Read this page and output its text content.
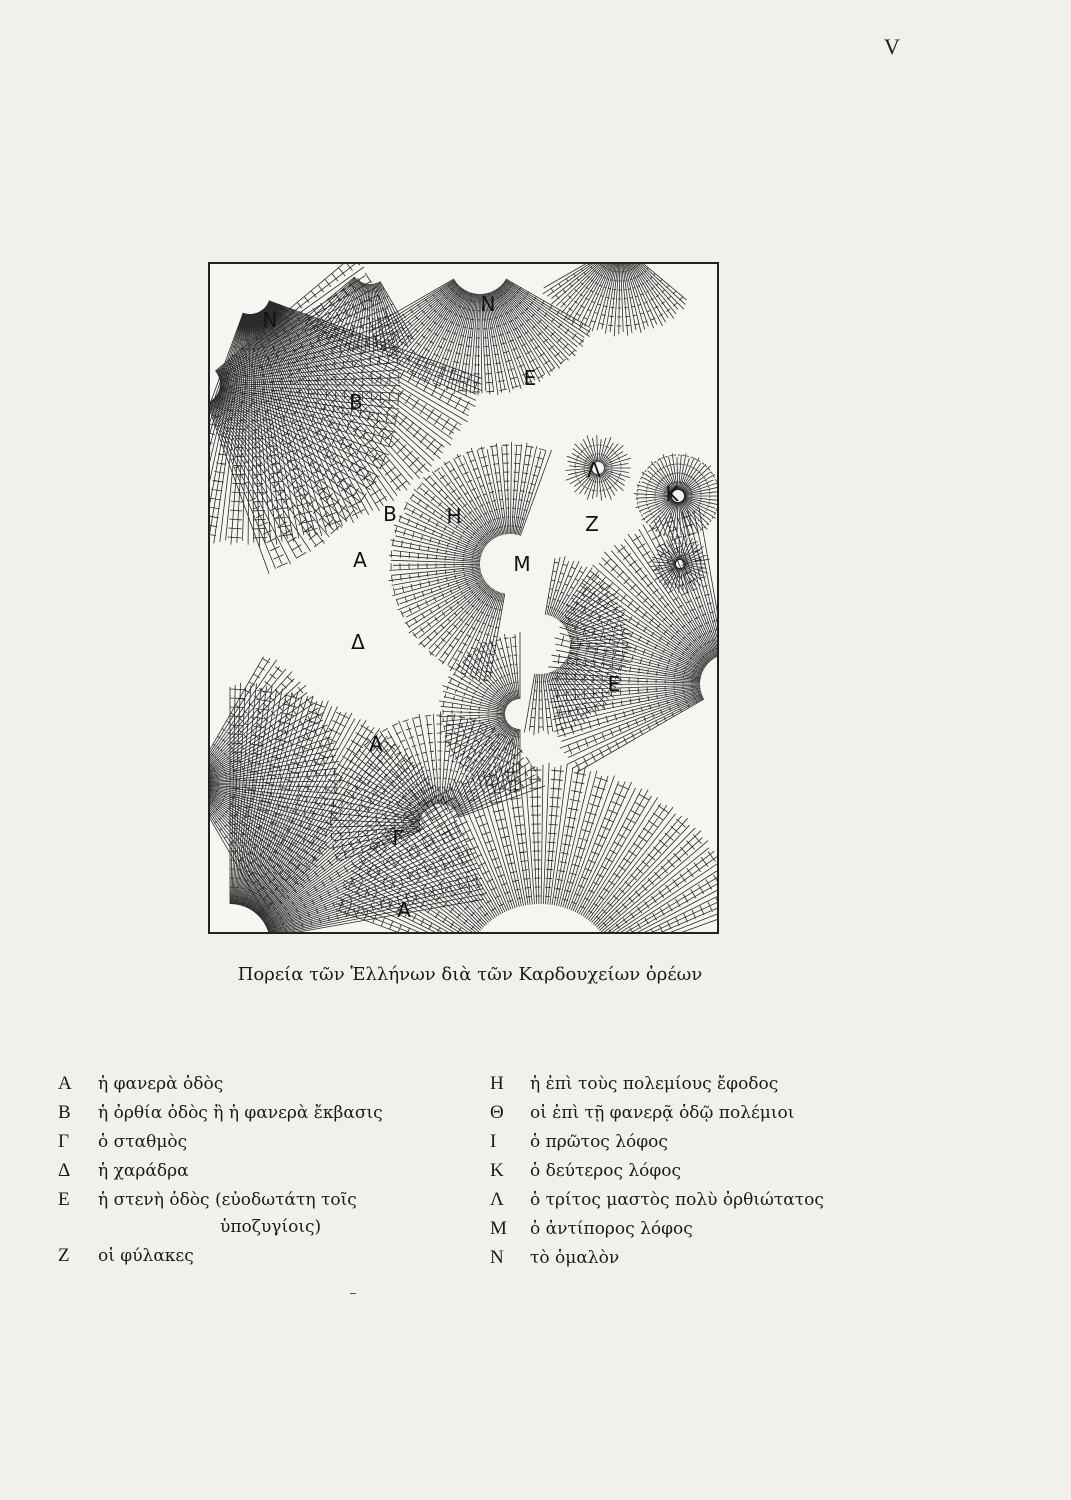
V
N
N
E
B
Λ
K
B H	Z
A	M
Δ
E
A
Γ
A
Πορεία τῶν Ἑλλήνων διὰ τῶν Καρδουχείων ὀρέων
Α ἡ φανερὰ ὁδὸς
Β ἡ ὀρθία ὁδὸς ἢ ἡ φανερὰ ἔκβασις
Γ ὁ σταθμὸς
Δ ἡ χαράδρα
Ε ἡ στενὴ ὁδὸς (εὐοδωτάτη τοῖς
ὑποζυγίοις)
Ζ οἱ φύλακες
Η ἡ ἐπὶ τοὺς πολεμίους ἔφοδος
Θ οἱ ἐπὶ τῇ φανερᾷ ὁδῷ πολέμιοι
Ι ὁ πρῶτος λόφος
Κ ὁ δεύτερος λόφος
Λ ὁ τρίτος μαστὸς πολὺ ὀρθιώτατος
Μ ὁ ἀντίπορος λόφος
Ν τὸ ὁμαλὸν
